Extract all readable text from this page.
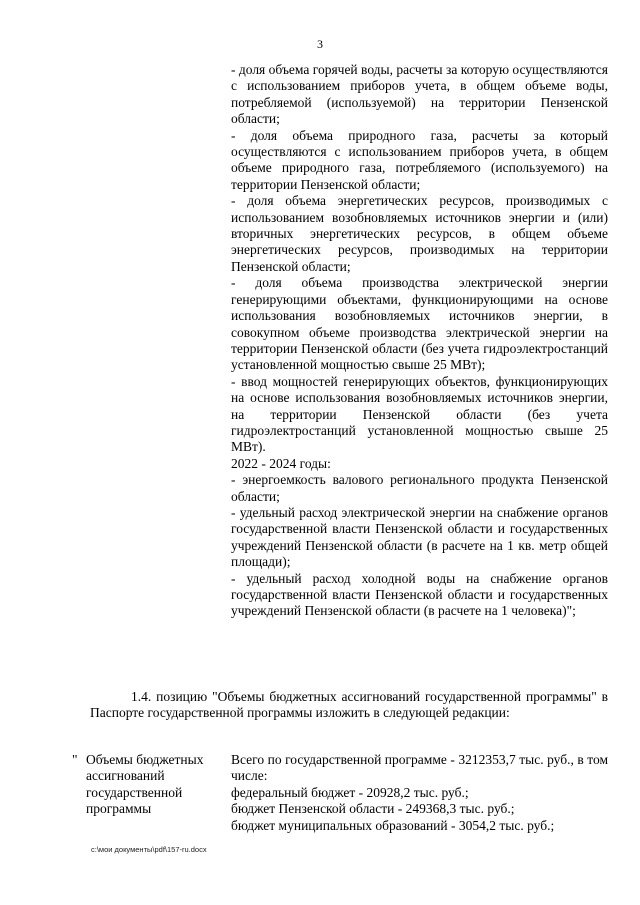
3

- доля объема горячей воды, расчеты за которую осуществляются с использованием приборов учета, в общем объеме воды, потребляемой (используемой) на территории Пензенской области;

- доля объема природного газа, расчеты за который осуществляются с использованием приборов учета, в общем объеме природного газа, потребляемого (используемого) на территории Пензенской области;

- доля объема энергетических ресурсов, производимых с использованием возобновляемых источников энергии и (или) вторичных энергетических ресурсов, в общем объеме энергетических ресурсов, производимых на территории Пензенской области;

- доля объема производства электрической энергии генерирующими объектами, функционирующими на основе использования возобновляемых источников энергии, в совокупном объеме производства электрической энергии на территории Пензенской области (без учета гидроэлектростанций установленной мощностью свыше 25 МВт);

- ввод мощностей генерирующих объектов, функционирующих на основе использования возобновляемых источников энергии, на территории Пензенской области (без учета гидроэлектростанций установленной мощностью свыше 25 МВт).

2022 - 2024 годы:

- энергоемкость валового регионального продукта Пензенской области;

- удельный расход электрической энергии на снабжение органов государственной власти Пензенской области и государственных учреждений Пензенской области (в расчете на 1 кв. метр общей площади);

- удельный расход холодной воды на снабжение органов государственной власти Пензенской области и государственных учреждений Пензенской области (в расчете на 1 человека)";

1.4. позицию "Объемы бюджетных ассигнований государственной программы" в Паспорте государственной программы изложить в следующей редакции:

" Объемы бюджетных ассигнований государственной программы

Всего по государственной программе - 3212353,7 тыс. руб., в том числе:

федеральный бюджет - 20928,2 тыс. руб.;

бюджет Пензенской области - 249368,3 тыс. руб.;

бюджет муниципальных образований - 3054,2 тыс. руб.;

c:\мои документы\pdf\157-ru.docx
